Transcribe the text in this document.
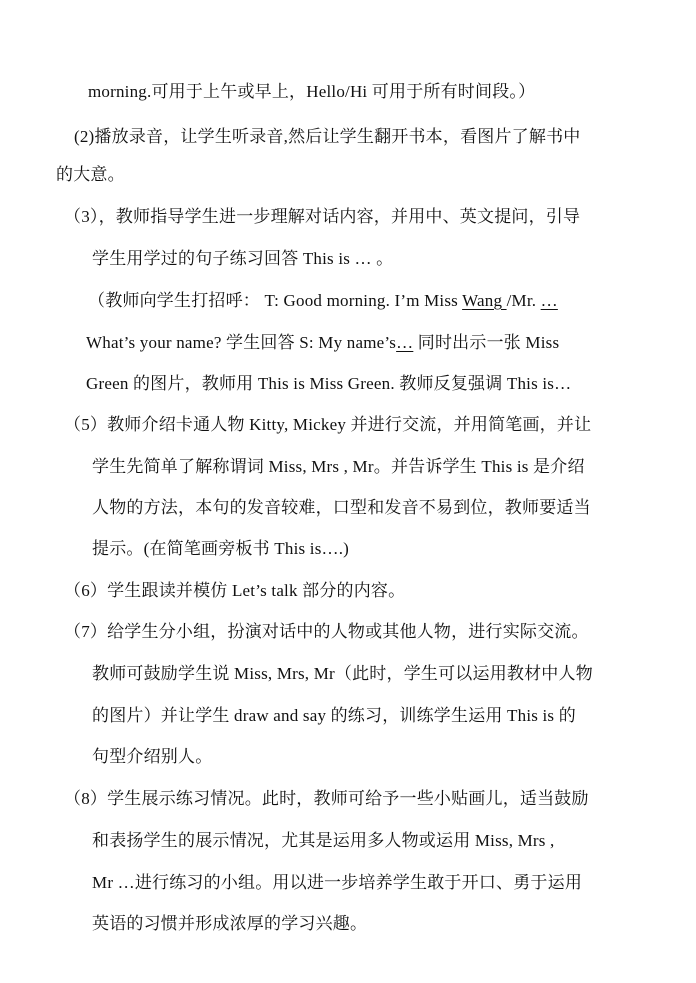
morning.可用于上午或早上，Hello/Hi 可用于所有时间段。）
(2)播放录音，让学生听录音,然后让学生翻开书本，看图片了解书中
的大意。
（3），教师指导学生进一步理解对话内容，并用中、英文提问，引导
学生用学过的句子练习回答 This is … 。
（教师向学生打招呼： T: Good morning. I’m Miss Wang /Mr. …
What’s your name? 学生回答 S: My name’s… 同时出示一张 Miss
Green 的图片，教师用 This is Miss Green. 教师反复强调 This is…
（5）教师介绍卡通人物 Kitty, Mickey 并进行交流，并用简笔画，并让
学生先简单了解称谓词 Miss, Mrs , Mr。并告诉学生 This is 是介绍
人物的方法，本句的发音较难，口型和发音不易到位，教师要适当
提示。(在简笔画旁板书 This is….)
（6）学生跟读并模仿 Let’s talk 部分的内容。
（7）给学生分小组，扮演对话中的人物或其他人物，进行实际交流。
教师可鼓励学生说 Miss, Mrs, Mr（此时，学生可以运用教材中人物
的图片）并让学生 draw and say 的练习，训练学生运用 This is 的
句型介绍别人。
（8）学生展示练习情况。此时，教师可给予一些小贴画儿，适当鼓励
和表扬学生的展示情况，尤其是运用多人物或运用 Miss, Mrs ,
Mr …进行练习的小组。用以进一步培养学生敢于开口、勇于运用
英语的习惯并形成浓厚的学习兴趣。
